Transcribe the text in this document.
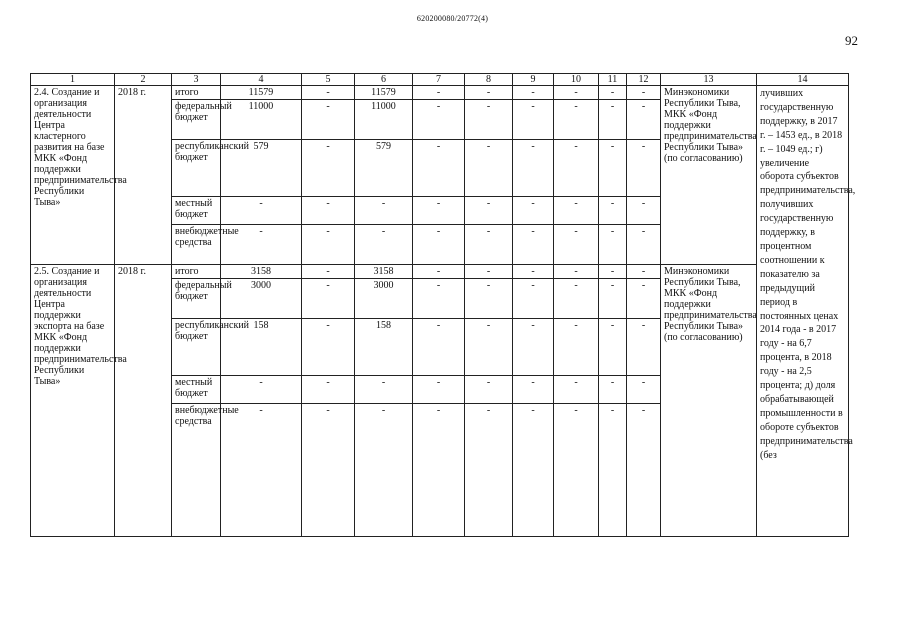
620200080/20772(4)
92
1	2	3	4	5	6	7	8	9	10	11	12	13	14
2.4. Создание и организация деятельности Центра кластерного развития на базе МКК «Фонд поддержки предпринимательства Республики Тыва»	2018 г.	итого	11579	-	11579	-	-	-	-	-	-	Минэкономики Республики Тыва, МКК «Фонд поддержки предпринимательства Республики Тыва» (по согласованию)	лучивших государственную поддержку, в 2017 г. – 1453 ед., в 2018 г. – 1049 ед.; г) увеличение оборота субъектов предпринимательства, получивших государственную поддержку, в процентном соотношении к показателю за предыдущий период в постоянных ценах 2014 года - в 2017 году - на 6,7 процента, в 2018 году - на 2,5 процента; д) доля обрабатывающей промышленности в обороте субъектов предпринимательства (без
		федеральный бюджет	11000	-	11000	-	-	-	-	-	-		
		республиканский бюджет	579	-	579	-	-	-	-	-	-		
		местный бюджет	-	-	-	-	-	-	-	-	-		
		внебюджетные средства	-	-	-	-	-	-	-	-	-		
2.5. Создание и организация деятельности Центра поддержки экспорта на базе МКК «Фонд поддержки предпринимательства Республики Тыва»	2018 г.	итого	3158	-	3158	-	-	-	-	-	-	Минэкономики Республики Тыва, МКК «Фонд поддержки предпринимательства Республики Тыва» (по согласованию)	
		федеральный бюджет	3000	-	3000	-	-	-	-	-	-		
		республиканский бюджет	158	-	158	-	-	-	-	-	-		
		местный бюджет	-	-	-	-	-	-	-	-	-		
		внебюджетные средства	-	-	-	-	-	-	-	-	-		
